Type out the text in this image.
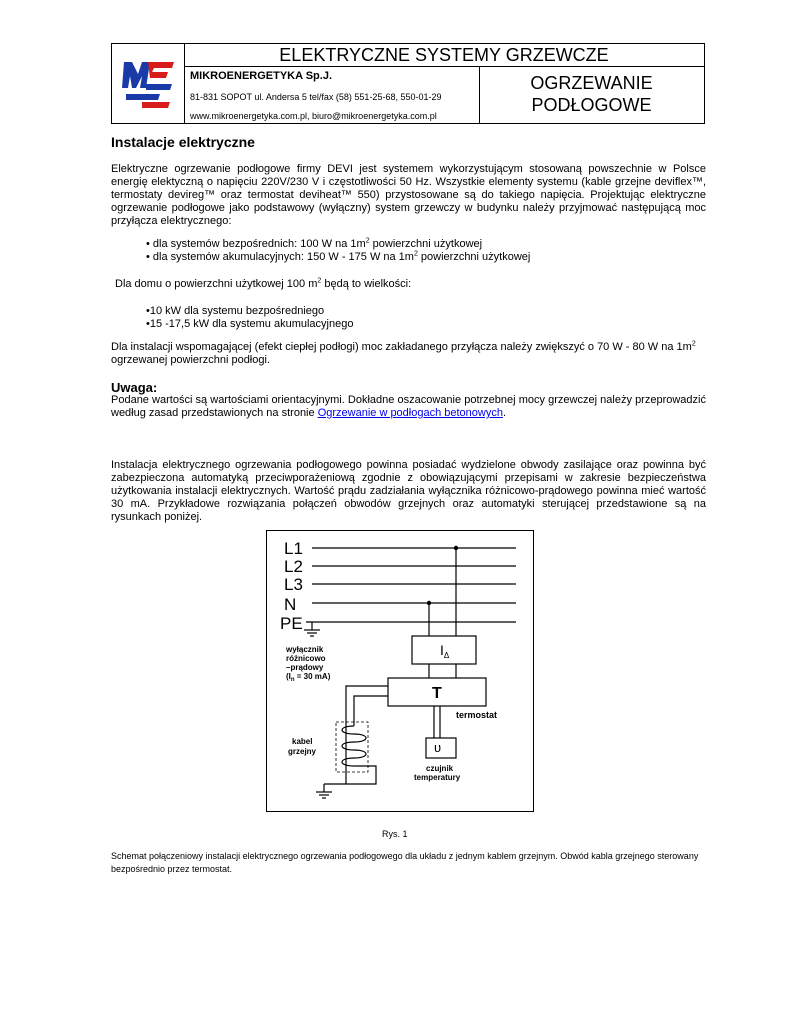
ELEKTRYCZNE SYSTEMY GRZEWCZE
MIKROENERGETYKA Sp.J.
81-831 SOPOT ul. Andersa 5 tel/fax (58) 551-25-68, 550-01-29
www.mikroenergetyka.com.pl, biuro@mikroenergetyka.com.pl
OGRZEWANIE
PODŁOGOWE
Instalacje elektryczne
Elektryczne ogrzewanie podłogowe firmy DEVI jest systemem wykorzystującym stosowaną powszechnie w Polsce energię elektyczną o napięciu 220V/230 V i częstotliwości 50 Hz. Wszystkie elementy systemu (kable grzejne deviflex™, termostaty devireg™ oraz termostat deviheat™ 550) przystosowane są do takiego napięcia. Projektując elektryczne ogrzewanie podłogowe jako podstawowy (wyłączny) system grzewczy w budynku należy przyjmować następującą moc przyłącza elektrycznego:
• dla systemów bezpośrednich: 100 W na $1m^2$ powierzchni użytkowej
• dla systemów akumulacyjnych: 150 W - 175 W na $1m^2$ powierzchni użytkowej
Dla domu o powierzchni użytkowej 100 $m^2$ będą to wielkości:
•10 kW dla systemu bezpośredniego
•15 -17,5 kW dla systemu akumulacyjnego
Dla instalacji wspomagającej (efekt ciepłej podłogi) moc zakładanego przyłącza należy zwiększyć o 70 W - 80 W na $1m^2$
ogrzewanej powierzchni podłogi.
Uwaga:
Podane wartości są wartościami orientacyjnymi. Dokładne oszacowanie potrzebnej mocy grzewczej należy przeprowadzić według zasad przedstawionych na stronie Ogrzewanie w podłogach betonowych.
Instalacja elektrycznego ogrzewania podłogowego powinna posiadać wydzielone obwody zasilające oraz powinna być zabezpieczona automatyką przeciwporażeniową zgodnie z obowiązującymi przepisami w zakresie bezpieczeństwa użytkowania instalacji elektrycznych. Wartość prądu zadziałania wyłącznika różnicowo-prądowego powinna mieć wartość 30 mA. Przykładowe rozwiązania połączeń obwodów grzejnych oraz automatyki sterującej przedstawione są na rysunkach poniżej.
L1
L2
L3
N
PE
$I_\Delta$
T
υ
wyłącznik
różnicowo
–prądowy
($I_n = 30$ mA)
termostat
kabel
grzejny
czujnik
temperatury
Rys. 1
Schemat połączeniowy instalacji elektrycznego ogrzewania podłogowego dla układu z jednym kablem grzejnym. Obwód kabla grzejnego sterowany bezpośrednio przez termostat.
